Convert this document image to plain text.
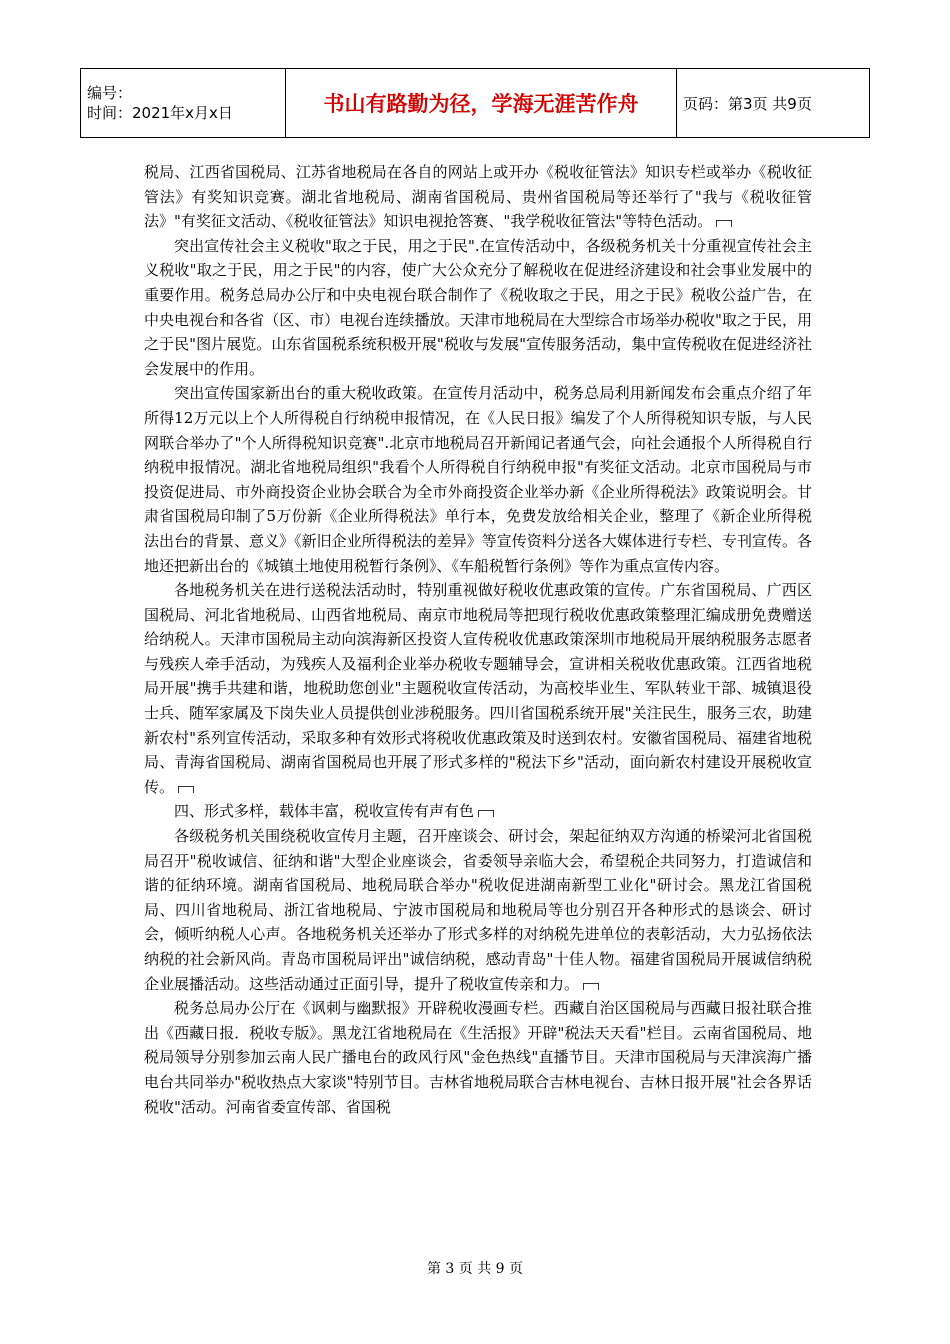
编号：
时间：2021年x月x日	书山有路勤为径，学海无涯苦作舟	页码：第3页 共9页

税局、江西省国税局、江苏省地税局在各自的网站上或开办《税收征管法》知识专栏或举办《税收征管法》有奖知识竞赛。湖北省地税局、湖南省国税局、贵州省国税局等还举行了"我与《税收征管法》"有奖征文活动、《税收征管法》知识电视抢答赛、"我学税收征管法"等特色活动。

突出宣传社会主义税收"取之于民，用之于民".在宣传活动中，各级税务机关十分重视宣传社会主义税收"取之于民，用之于民"的内容，使广大公众充分了解税收在促进经济建设和社会事业发展中的重要作用。税务总局办公厅和中央电视台联合制作了《税收取之于民，用之于民》税收公益广告，在中央电视台和各省（区、市）电视台连续播放。天津市地税局在大型综合市场举办税收"取之于民，用之于民"图片展览。山东省国税系统积极开展"税收与发展"宣传服务活动，集中宣传税收在促进经济社会发展中的作用。

突出宣传国家新出台的重大税收政策。在宣传月活动中，税务总局利用新闻发布会重点介绍了年所得12万元以上个人所得税自行纳税申报情况，在《人民日报》编发了个人所得税知识专版，与人民网联合举办了"个人所得税知识竞赛".北京市地税局召开新闻记者通气会，向社会通报个人所得税自行纳税申报情况。湖北省地税局组织"我看个人所得税自行纳税申报"有奖征文活动。北京市国税局与市投资促进局、市外商投资企业协会联合为全市外商投资企业举办新《企业所得税法》政策说明会。甘肃省国税局印制了5万份新《企业所得税法》单行本，免费发放给相关企业，整理了《新企业所得税法出台的背景、意义》《新旧企业所得税法的差异》等宣传资料分送各大媒体进行专栏、专刊宣传。各地还把新出台的《城镇土地使用税暂行条例》、《车船税暂行条例》等作为重点宣传内容。

各地税务机关在进行送税法活动时，特别重视做好税收优惠政策的宣传。广东省国税局、广西区国税局、河北省地税局、山西省地税局、南京市地税局等把现行税收优惠政策整理汇编成册免费赠送给纳税人。天津市国税局主动向滨海新区投资人宣传税收优惠政策深圳市地税局开展纳税服务志愿者与残疾人牵手活动，为残疾人及福利企业举办税收专题辅导会，宣讲相关税收优惠政策。江西省地税局开展"携手共建和谐，地税助您创业"主题税收宣传活动，为高校毕业生、军队转业干部、城镇退役士兵、随军家属及下岗失业人员提供创业涉税服务。四川省国税系统开展"关注民生，服务三农，助建新农村"系列宣传活动，采取多种有效形式将税收优惠政策及时送到农村。安徽省国税局、福建省地税局、青海省国税局、湖南省国税局也开展了形式多样的"税法下乡"活动，面向新农村建设开展税收宣传。

四、形式多样，载体丰富，税收宣传有声有色

各级税务机关围绕税收宣传月主题，召开座谈会、研讨会，架起征纳双方沟通的桥梁河北省国税局召开"税收诚信、征纳和谐"大型企业座谈会，省委领导亲临大会，希望税企共同努力，打造诚信和谐的征纳环境。湖南省国税局、地税局联合举办"税收促进湖南新型工业化"研讨会。黑龙江省国税局、四川省地税局、浙江省地税局、宁波市国税局和地税局等也分别召开各种形式的恳谈会、研讨会，倾听纳税人心声。各地税务机关还举办了形式多样的对纳税先进单位的表彰活动，大力弘扬依法纳税的社会新风尚。青岛市国税局评出"诚信纳税，感动青岛"十佳人物。福建省国税局开展诚信纳税企业展播活动。这些活动通过正面引导，提升了税收宣传亲和力。

税务总局办公厅在《讽刺与幽默报》开辟税收漫画专栏。西藏自治区国税局与西藏日报社联合推出《西藏日报．税收专版》。黑龙江省地税局在《生活报》开辟"税法天天看"栏目。云南省国税局、地税局领导分别参加云南人民广播电台的政风行风"金色热线"直播节目。天津市国税局与天津滨海广播电台共同举办"税收热点大家谈"特别节目。吉林省地税局联合吉林电视台、吉林日报开展"社会各界话税收"活动。河南省委宣传部、省国税

第 3 页 共 9 页
